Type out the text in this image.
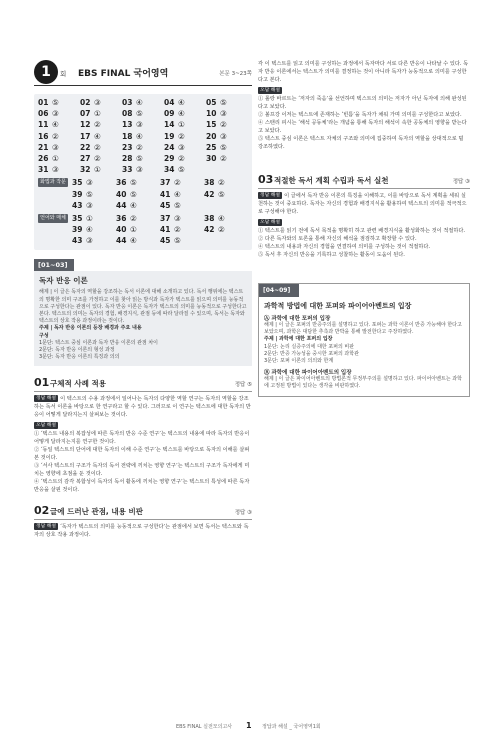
1	회 EBS FINAL 국어영역	본문 3~23쪽
01 ⑤	02 ③	03 ④	04 ④	05 ⑤
06 ③	07 ①	08 ⑤	09 ④	10 ③
11 ④	12 ②	13 ③	14 ①	15 ②
16 ②	17 ④	18 ④	19 ②	20 ③
21 ③	22 ②	23 ②	24 ③	25 ⑤
26 ①	27 ②	28 ⑤	29 ②	30 ②
31 ③	32 ①	33 ③	34 ⑤
화법과 작문 35 ③	36 ⑤	37 ②	38 ②
39 ⑤	40 ⑤	41 ④	42 ⑤
43 ③	44 ④	45 ⑤
언어와 매체 35 ①	36 ②	37 ③	38 ④
39 ④	40 ①	41 ②	42 ②
43 ③	44 ④	45 ⑤
[01~03]
독자 반응 이론
해제 | 이 글은 독자의 역할을 강조하는 독서 이론에 대해 소개하고 있다. 독서 행위에는 텍스트의 명확한 의미 구조를 가정하고 이를 찾아 읽는 방식과 독자가 텍스트를 읽으며 의미를 능동적으로 구성한다는 관점이 있다. 독자 반응 이론은 독자가 텍스트의 의미를 능동적으로 구성한다고 본다. 텍스트의 의미는 독자의 경험, 배경지식, 관점 등에 따라 달라질 수 있으며, 독서는 독자와 텍스트의 상호 작용 과정이라는 것이다.
주제 | 독자 반응 이론의 등장 배경과 주요 내용
구성
1문단: 텍스트 중심 이론과 독자 반응 이론의 관점 차이
2문단: 독자 반응 이론의 형성 과정
3문단: 독자 반응 이론의 특징과 의의
01 구체적 사례 적용	정답 ⑤
정답 해설 이 텍스트의 수용 과정에서 일어나는 독자의 다양한 역할 연구는 독자의 역할을 강조하는 독서 이론을 바탕으로 한 연구라고 할 수 있다. 그러므로 이 연구는 텍스트에 대한 독자의 반응이 어떻게 달라지는지 살펴보는 것이다.
오답 해설
① ‘텍스트 내용의 복잡성에 따른 독자의 반응 수준 연구’는 텍스트의 내용에 따라 독자의 반응이 어떻게 달라지는지를 연구한 것이다.
② ‘동일 텍스트의 단어에 대한 독자의 이해 수준 연구’는 텍스트를 바탕으로 독자의 이해를 살펴본 것이다.
③ ‘서사 텍스트의 구조가 독자의 독서 전략에 끼치는 영향 연구’는 텍스트의 구조가 독자에게 미치는 영향에 초점을 둔 것이다.
④ ‘텍스트의 감각 복합성이 독자의 독서 활동에 끼치는 영향 연구’는 텍스트의 특성에 따른 독자 반응을 살핀 것이다.
02 글에 드러난 관점, 내용 비판	정답 ③
정답 해설 ‘독자가 텍스트의 의미를 능동적으로 구성한다’는 관점에서 보면 독서는 텍스트와 독자의 상호 작용 과정이다.
각 이 텍스트를 읽고 의미를 구성하는 과정에서 독자마다 서로 다른 반응이 나타날 수 있다. 독자 반응 이론에서는 텍스트가 의미를 결정하는 것이 아니라 독자가 능동적으로 의미를 구성한다고 본다.
오답 해설
① 롤랑 바르트는 ‘저자의 죽음’을 선언하며 텍스트의 의미는 저자가 아닌 독자에 의해 완성된다고 보았다.
② 볼프강 이저는 텍스트에 존재하는 ‘빈틈’을 독자가 채워 가며 의미를 구성한다고 보았다.
④ 스탠리 피시는 ‘해석 공동체’라는 개념을 통해 독자의 해석이 속한 공동체의 영향을 받는다고 보았다.
⑤ 텍스트 중심 이론은 텍스트 자체의 구조와 의미에 집중하여 독자의 역할을 상대적으로 덜 강조하였다.
03 적절한 독서 계획 수립과 독서 실천	정답 ③
정답 해설 이 글에서 독자 반응 이론의 특징을 이해하고, 이를 바탕으로 독서 계획을 세워 실천하는 것이 중요하다. 독자는 자신의 경험과 배경지식을 활용하여 텍스트의 의미를 적극적으로 구성해야 한다.
오답 해설
① 텍스트를 읽기 전에 독서 목적을 명확히 하고 관련 배경지식을 활성화하는 것이 적절하다.
② 다른 독자와의 토론을 통해 자신의 해석을 점검하고 확장할 수 있다.
④ 텍스트의 내용과 자신의 경험을 연결하여 의미를 구성하는 것이 적절하다.
⑤ 독서 후 자신의 반응을 기록하고 성찰하는 활동이 도움이 된다.
[04~09]
과학적 방법에 대한 포퍼와 파이어아벤트의 입장
Ⓐ 과학에 대한 포퍼의 입장
해제 | 이 글은 포퍼의 반증주의를 설명하고 있다. 포퍼는 과학 이론이 반증 가능해야 한다고 보았으며, 과학은 대담한 추측과 반박을 통해 발전한다고 주장하였다.
주제 | 과학에 대한 포퍼의 입장
1문단: 논리 실증주의에 대한 포퍼의 비판
2문단: 반증 가능성을 중시한 포퍼의 과학관
3문단: 포퍼 이론의 의의와 한계
Ⓑ 과학에 대한 파이어아벤트의 입장
해제 | 이 글은 파이어아벤트의 방법론적 무정부주의를 설명하고 있다. 파이어아벤트는 과학에 고정된 방법이 있다는 생각을 비판하였다.
EBS FINAL 실전모의고사 1 정답과 해설 _ 국어영역1회
